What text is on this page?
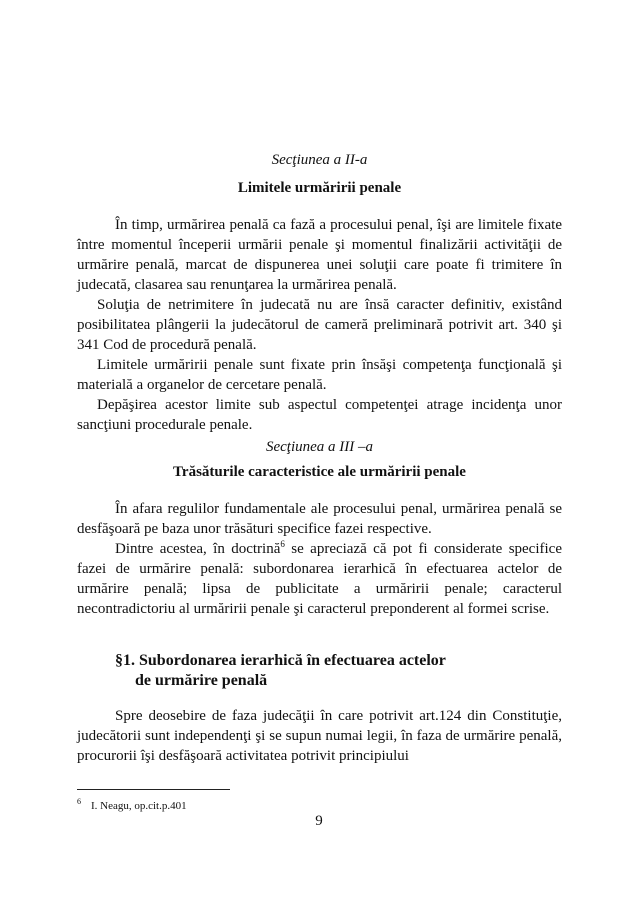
Secţiunea a II-a
Limitele urmăririi penale

În timp, urmărirea penală ca fază a procesului penal, îşi are limitele fixate între momentul începerii urmării penale şi momentul finalizării activităţii de urmărire penală, marcat de dispunerea unei soluţii care poate fi trimitere în judecată, clasarea sau renunţarea la urmărirea penală.

Soluţia de netrimitere în judecată nu are însă caracter definitiv, existând posibilitatea plângerii la judecătorul de cameră preliminară potrivit art. 340 şi 341 Cod de procedură penală.

Limitele urmăririi penale sunt fixate prin însăşi competenţa funcţională şi materială a organelor de cercetare penală.

Depăşirea acestor limite sub aspectul competenţei atrage incidenţa unor sancţiuni procedurale penale.

Secţiunea a III –a
Trăsăturile caracteristice ale urmăririi penale

În afara regulilor fundamentale ale procesului penal, urmărirea penală se desfăşoară pe baza unor trăsături specifice fazei respective.

Dintre acestea, în doctrină$^6$ se apreciază că pot fi considerate specifice fazei de urmărire penală: subordonarea ierarhică în efectuarea actelor de urmărire penală; lipsa de publicitate a urmăririi penale; caracterul necontradictoriu al urmăririi penale şi caracterul preponderent al formei scrise.

§1. Subordonarea ierarhică în efectuarea actelor
de urmărire penală

Spre deosebire de faza judecăţii în care potrivit art.124 din Constituţie, judecătorii sunt independenţi şi se supun numai legii, în faza de urmărire penală, procurorii îşi desfăşoară activitatea potrivit principiului

$^6$ I. Neagu, op.cit.p.401
9
